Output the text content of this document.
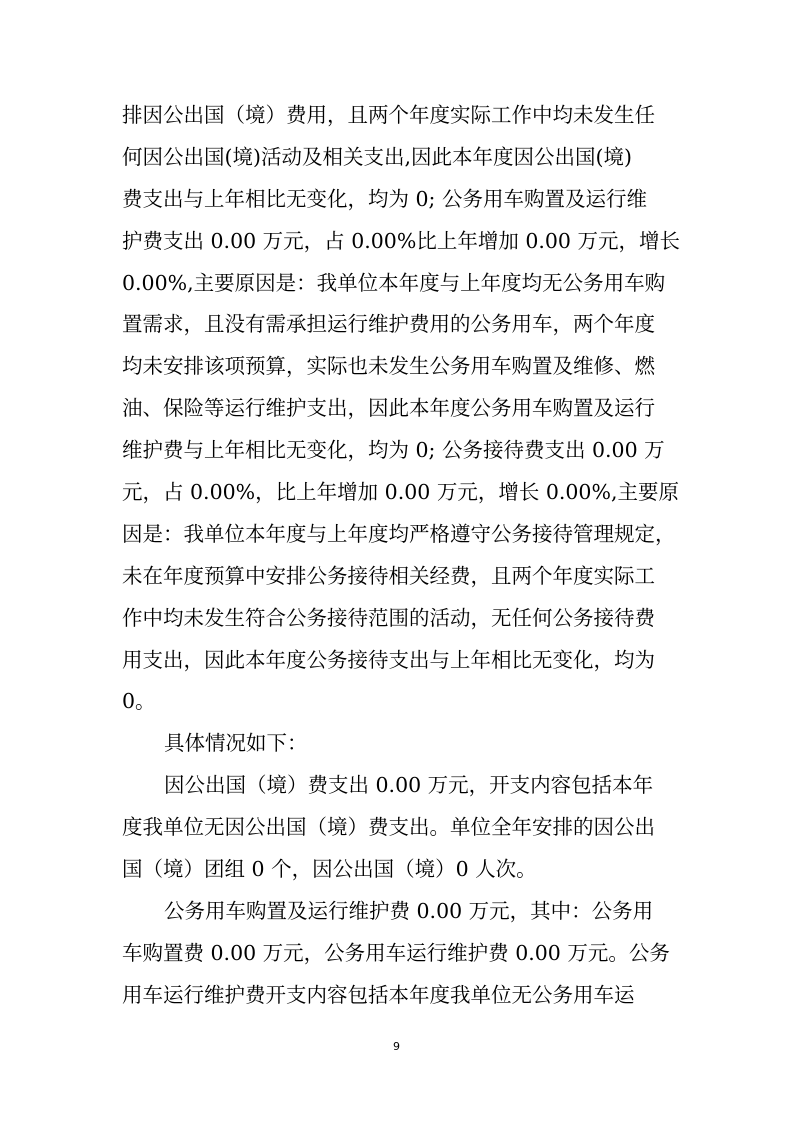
排因公出国（境）费用，且两个年度实际工作中均未发生任
何因公出国(境)活动及相关支出,因此本年度因公出国(境)
费支出与上年相比无变化，均为 0; 公务用车购置及运行维
护费支出 0.00 万元，占 0.00%比上年增加 0.00 万元，增长
0.00%,主要原因是：我单位本年度与上年度均无公务用车购
置需求，且没有需承担运行维护费用的公务用车，两个年度
均未安排该项预算，实际也未发生公务用车购置及维修、燃
油、保险等运行维护支出，因此本年度公务用车购置及运行
维护费与上年相比无变化，均为 0; 公务接待费支出 0.00 万
元，占 0.00%，比上年增加 0.00 万元，增长 0.00%,主要原
因是：我单位本年度与上年度均严格遵守公务接待管理规定，
未在年度预算中安排公务接待相关经费，且两个年度实际工
作中均未发生符合公务接待范围的活动，无任何公务接待费
用支出，因此本年度公务接待支出与上年相比无变化，均为
0。
具体情况如下：
因公出国（境）费支出 0.00 万元，开支内容包括本年
度我单位无因公出国（境）费支出。单位全年安排的因公出
国（境）团组 0 个，因公出国（境）0 人次。
公务用车购置及运行维护费 0.00 万元，其中：公务用
车购置费 0.00 万元，公务用车运行维护费 0.00 万元。公务
用车运行维护费开支内容包括本年度我单位无公务用车运
9
